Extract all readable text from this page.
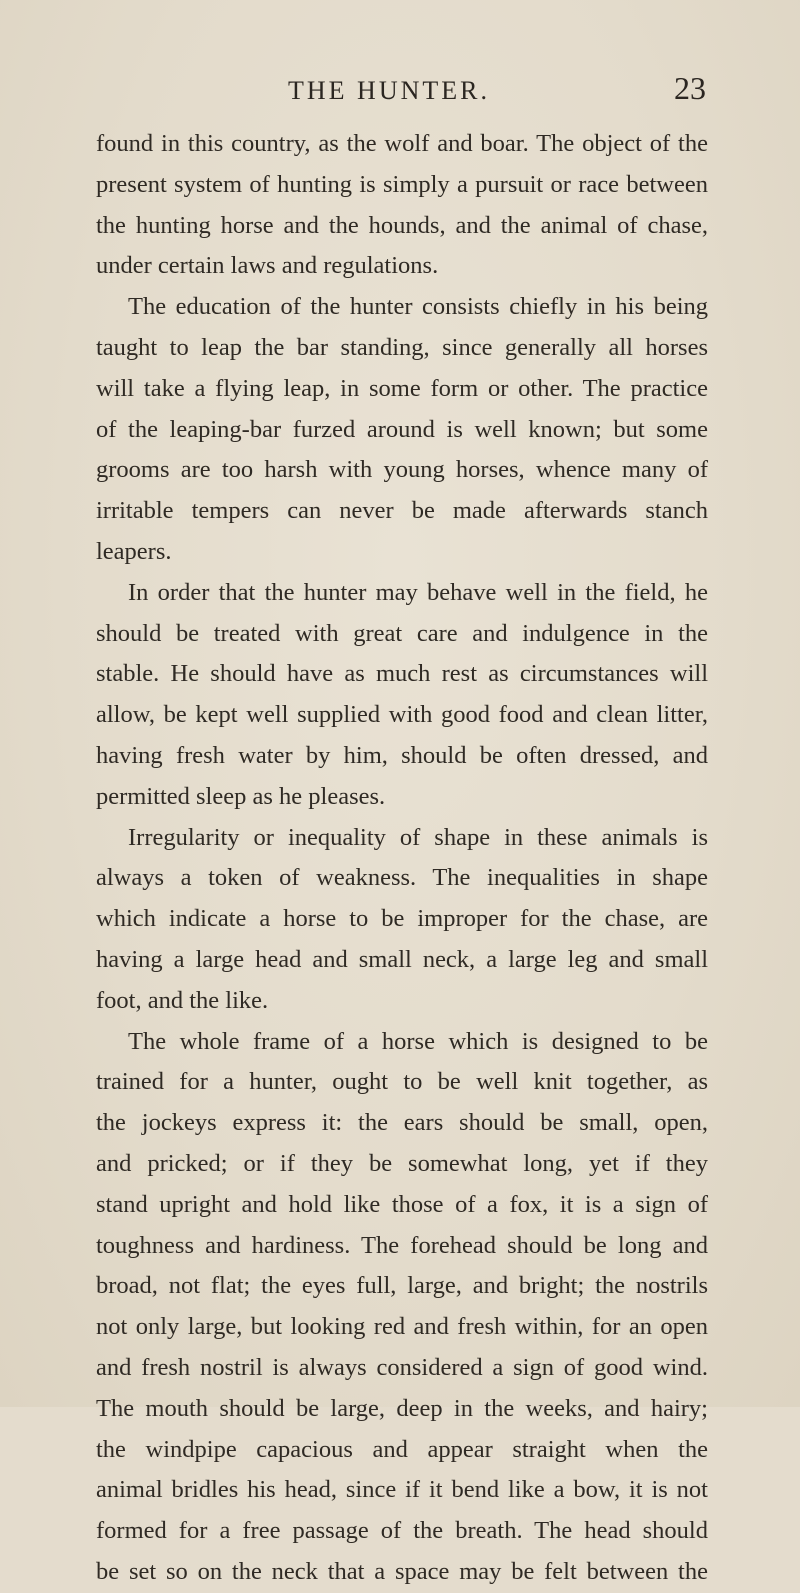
THE HUNTER.	23
found in this country, as the wolf and boar. The object of the
present system of hunting is simply a pursuit or race between
the hunting horse and the hounds, and the animal of chase,
under certain laws and regulations.
The education of the hunter consists chiefly in his being
taught to leap the bar standing, since generally all horses
will take a flying leap, in some form or other. The practice
of the leaping-bar furzed around is well known; but some
grooms are too harsh with young horses, whence many of
irritable tempers can never be made afterwards stanch
leapers.
In order that the hunter may behave well in the field, he
should be treated with great care and indulgence in the
stable. He should have as much rest as circumstances will
allow, be kept well supplied with good food and clean litter,
having fresh water by him, should be often dressed, and
permitted sleep as he pleases.
Irregularity or inequality of shape in these animals is
always a token of weakness. The inequalities in shape
which indicate a horse to be improper for the chase, are
having a large head and small neck, a large leg and small
foot, and the like.
The whole frame of a horse which is designed to be
trained for a hunter, ought to be well knit together, as
the jockeys express it: the ears should be small, open,
and pricked; or if they be somewhat long, yet if they
stand upright and hold like those of a fox, it is a sign of
toughness and hardiness. The forehead should be long and
broad, not flat; the eyes full, large, and bright; the nostrils
not only large, but looking red and fresh within, for an open
and fresh nostril is always considered a sign of good wind.
The mouth should be large, deep in the weeks, and hairy;
the windpipe capacious and appear straight when the
animal bridles his head, since if it bend like a bow, it is not
formed for a free passage of the breath. The head should
be set so on the neck that a space may be felt between the
